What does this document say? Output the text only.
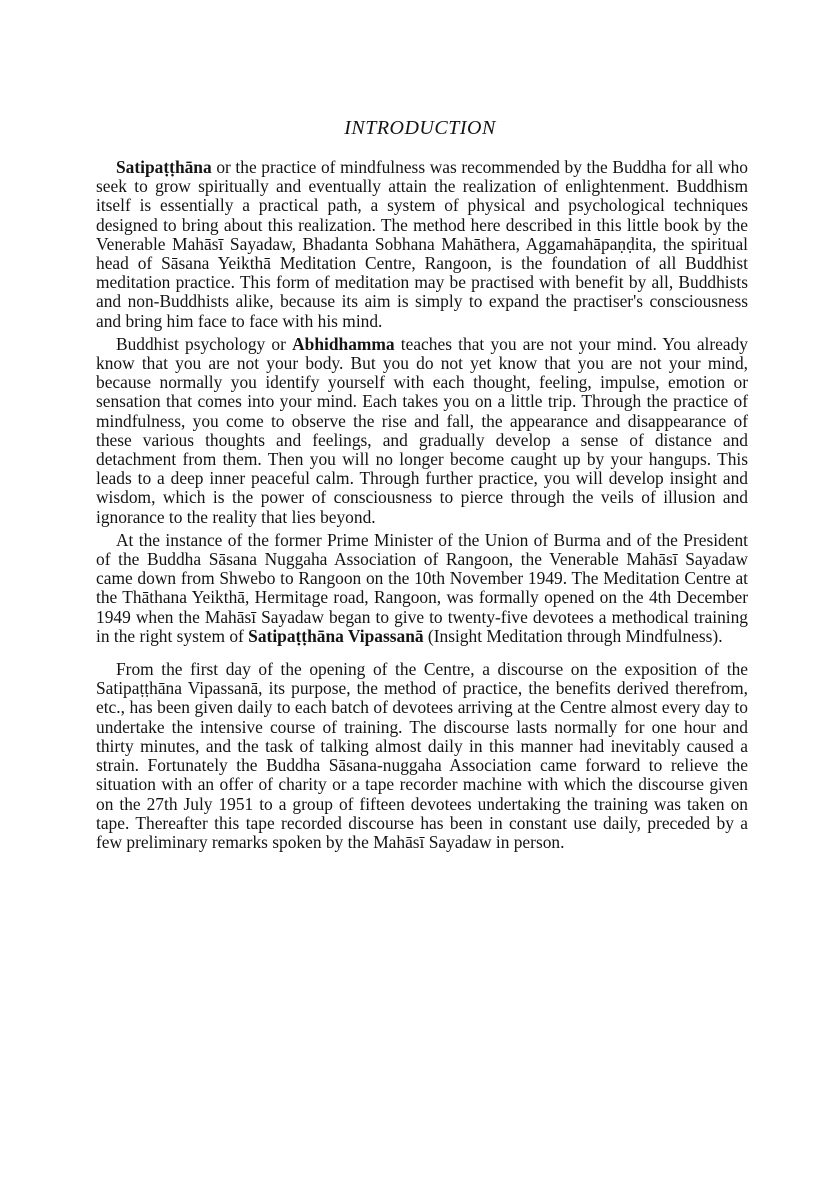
INTRODUCTION

Satipaṭṭhāna or the practice of mindfulness was recommended by the Buddha for all who seek to grow spiritually and eventually attain the realization of enlightenment. Buddhism itself is essentially a practical path, a system of physical and psychological techniques designed to bring about this realization. The method here described in this little book by the Venerable Mahāsī Sayadaw, Bhadanta Sobhana Mahāthera, Aggamahāpaṇḍita, the spiritual head of Sāsana Yeikthā Meditation Centre, Rangoon, is the foundation of all Buddhist meditation practice. This form of meditation may be practised with benefit by all, Buddhists and non-Buddhists alike, because its aim is simply to expand the practiser's consciousness and bring him face to face with his mind.

Buddhist psychology or Abhidhamma teaches that you are not your mind. You already know that you are not your body. But you do not yet know that you are not your mind, because normally you identify yourself with each thought, feeling, impulse, emotion or sensation that comes into your mind. Each takes you on a little trip. Through the practice of mindfulness, you come to observe the rise and fall, the appearance and disappearance of these various thoughts and feelings, and gradually develop a sense of distance and detachment from them. Then you will no longer become caught up by your hangups. This leads to a deep inner peaceful calm. Through further practice, you will develop insight and wisdom, which is the power of consciousness to pierce through the veils of illusion and ignorance to the reality that lies beyond.

At the instance of the former Prime Minister of the Union of Burma and of the President of the Buddha Sāsana Nuggaha Association of Rangoon, the Venerable Mahāsī Sayadaw came down from Shwebo to Rangoon on the 10th November 1949. The Meditation Centre at the Thāthana Yeikthā, Hermitage road, Rangoon, was formally opened on the 4th December 1949 when the Mahāsī Sayadaw began to give to twenty-five devotees a methodical training in the right system of Satipaṭṭhāna Vipassanā (Insight Meditation through Mindfulness).

From the first day of the opening of the Centre, a discourse on the exposition of the Satipaṭṭhāna Vipassanā, its purpose, the method of practice, the benefits derived therefrom, etc., has been given daily to each batch of devotees arriving at the Centre almost every day to undertake the intensive course of training. The discourse lasts normally for one hour and thirty minutes, and the task of talking almost daily in this manner had inevitably caused a strain. Fortunately the Buddha Sāsana-nuggaha Association came forward to relieve the situation with an offer of charity or a tape recorder machine with which the discourse given on the 27th July 1951 to a group of fifteen devotees undertaking the training was taken on tape. Thereafter this tape recorded discourse has been in constant use daily, preceded by a few preliminary remarks spoken by the Mahāsī Sayadaw in person.
